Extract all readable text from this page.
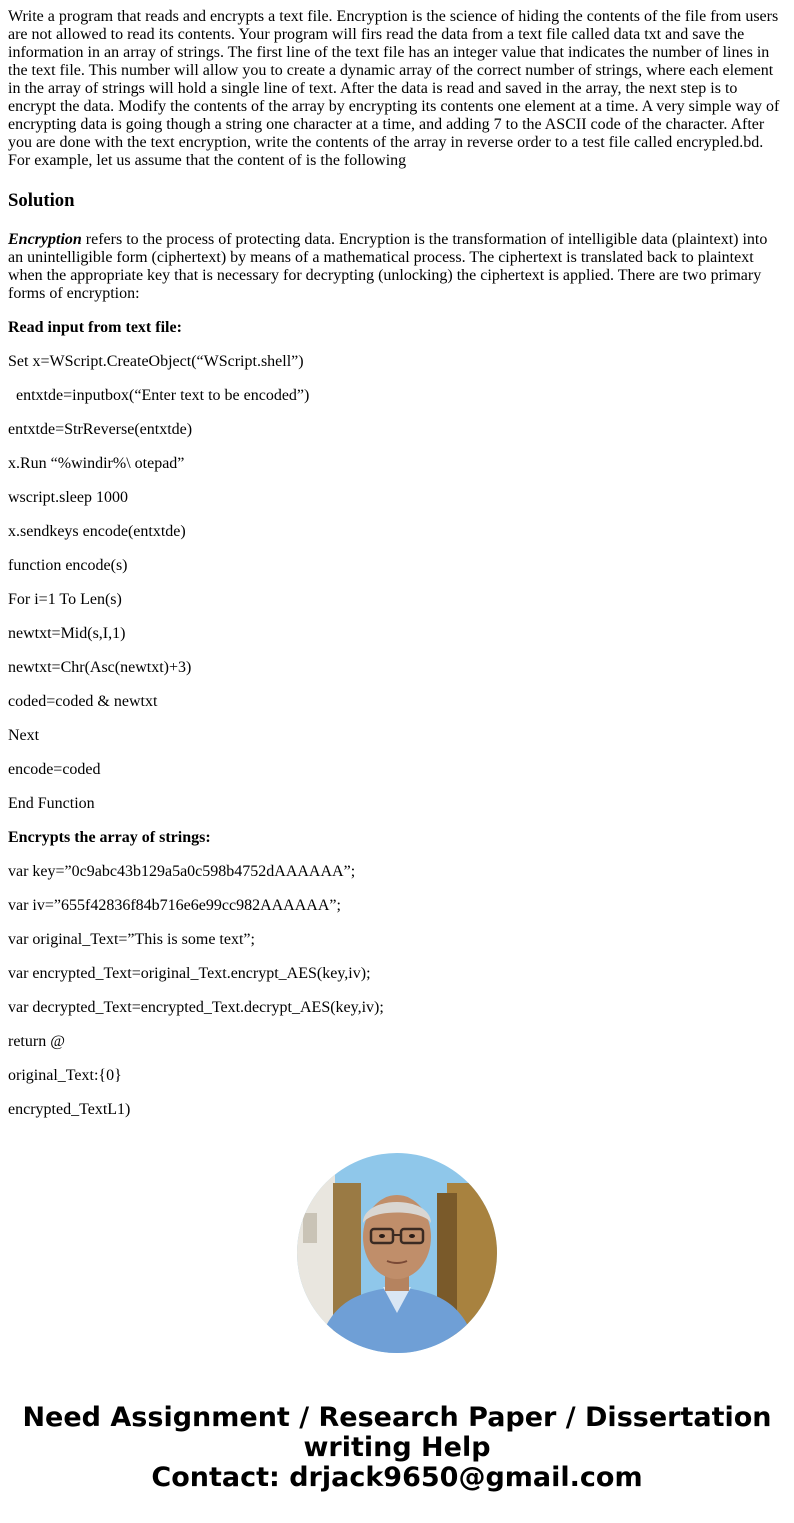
Write a program that reads and encrypts a text file. Encryption is the science of hiding the contents of the file from users are not allowed to read its contents. Your program will firs read the data from a text file called data txt and save the information in an array of strings. The first line of the text file has an integer value that indicates the number of lines in the text file. This number will allow you to create a dynamic array of the correct number of strings, where each element in the array of strings will hold a single line of text. After the data is read and saved in the array, the next step is to encrypt the data. Modify the contents of the array by encrypting its contents one element at a time. A very simple way of encrypting data is going though a string one character at a time, and adding 7 to the ASCII code of the character. After you are done with the text encryption, write the contents of the array in reverse order to a test file called encrypled.bd. For example, let us assume that the content of is the following

Solution

Encryption refers to the process of protecting data. Encryption is the transformation of intelligible data (plaintext) into an unintelligible form (ciphertext) by means of a mathematical process. The ciphertext is translated back to plaintext when the appropriate key that is necessary for decrypting (unlocking) the ciphertext is applied. There are two primary forms of encryption:

Read input from text file:

Set x=WScript.CreateObject(“WScript.shell”)

entxtde=inputbox(“Enter text to be encoded”)

entxtde=StrReverse(entxtde)

x.Run “%windir%\ otepad”

wscript.sleep 1000

x.sendkeys encode(entxtde)

function encode(s)

For i=1 To Len(s)

newtxt=Mid(s,I,1)

newtxt=Chr(Asc(newtxt)+3)

coded=coded & newtxt

Next

encode=coded

End Function

Encrypts the array of strings:

var key=”0c9abc43b129a5a0c598b4752dAAAAAA”;

var iv=”655f42836f84b716e6e99cc982AAAAAA”;

var original_Text=”This is some text”;

var encrypted_Text=original_Text.encrypt_AES(key,iv);

var decrypted_Text=encrypted_Text.decrypt_AES(key,iv);

return @

original_Text:{0}

encrypted_TextL1)

Need Assignment / Research Paper / Dissertation
writing Help
Contact: drjack9650@gmail.com
